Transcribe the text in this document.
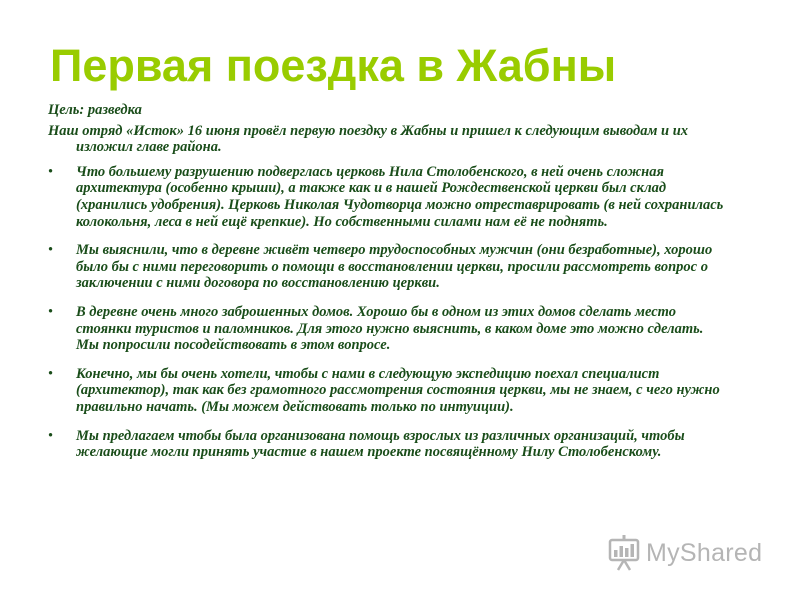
Первая поездка в Жабны

Цель: разведка

Наш отряд «Исток» 16 июня провёл первую поездку в Жабны и пришел к следующим выводам и их изложил главе района.

• Что большему разрушению подверглась церковь Нила Столобенского, в ней очень сложная архитектура (особенно крыши), а также как и в нашей Рождественской церкви был склад (хранились удобрения). Церковь Николая Чудотворца можно отреставрировать (в ней сохранилась колокольня, леса в ней ещё крепкие). Но собственными силами нам её не поднять.
• Мы выяснили, что в деревне живёт четверо трудоспособных мужчин (они безработные), хорошо было бы с ними переговорить о помощи в восстановлении церкви, просили рассмотреть вопрос о заключении с ними договора по восстановлению церкви.
• В деревне очень много заброшенных домов. Хорошо бы в одном из этих домов сделать место стоянки туристов и паломников. Для этого нужно выяснить, в каком доме это можно сделать. Мы попросили посодействовать в этом вопросе.
• Конечно, мы бы очень хотели, чтобы с нами в следующую экспедицию поехал специалист (архитектор), так как без грамотного рассмотрения состояния церкви, мы не знаем, с чего нужно правильно начать. (Мы можем действовать только по интуиции).
• Мы предлагаем чтобы была организована помощь взрослых из различных организаций, чтобы желающие могли принять участие в нашем проекте посвящённому Нилу Столобенскому.
MyShared
